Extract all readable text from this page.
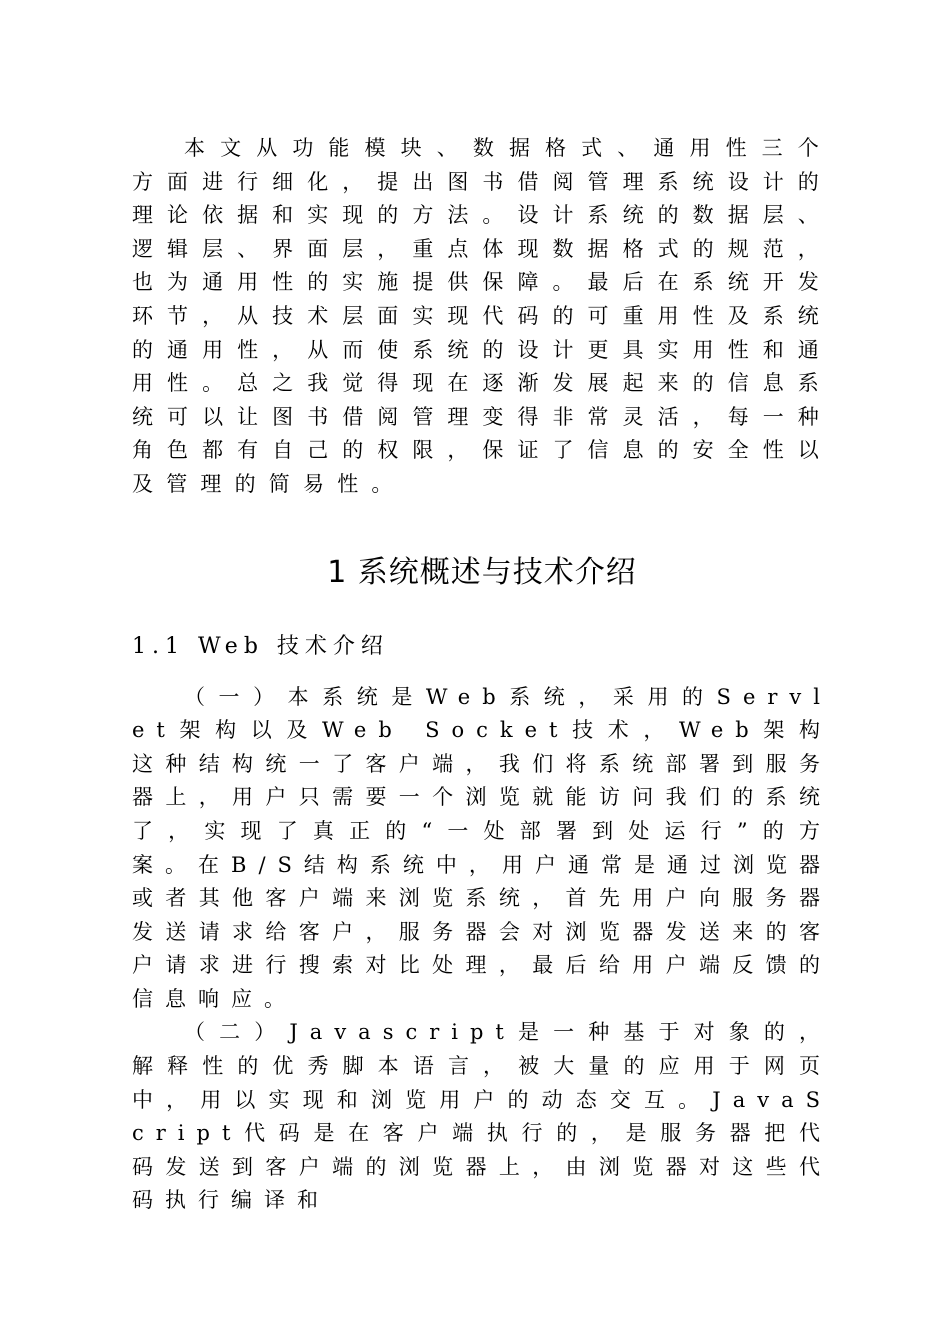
本文从功能模块、数据格式、通用性三个方面进行细化，提出图书借阅管理系统设计的理论依据和实现的方法。设计系统的数据层、逻辑层、界面层，重点体现数据格式的规范，也为通用性的实施提供保障。最后在系统开发环节，从技术层面实现代码的可重用性及系统的通用性，从而使系统的设计更具实用性和通用性。总之我觉得现在逐渐发展起来的信息系统可以让图书借阅管理变得非常灵活，每一种角色都有自己的权限，保证了信息的安全性以及管理的简易性。

1 系统概述与技术介绍
1.1 Web 技术介绍

（一）本系统是Web系统，采用的Servlet架构以及Web Socket技术，Web架构这种结构统一了客户端，我们将系统部署到服务器上，用户只需要一个浏览就能访问我们的系统了，实现了真正的“一处部署到处运行”的方案。在B/S结构系统中，用户通常是通过浏览器或者其他客户端来浏览系统，首先用户向服务器发送请求给客户，服务器会对浏览器发送来的客户请求进行搜索对比处理，最后给用户端反馈的信息响应。

（二）Javascript是一种基于对象的，解释性的优秀脚本语言，被大量的应用于网页中，用以实现和浏览用户的动态交互。JavaScript代码是在客户端执行的，是服务器把代码发送到客户端的浏览器上，由浏览器对这些代码执行编译和
